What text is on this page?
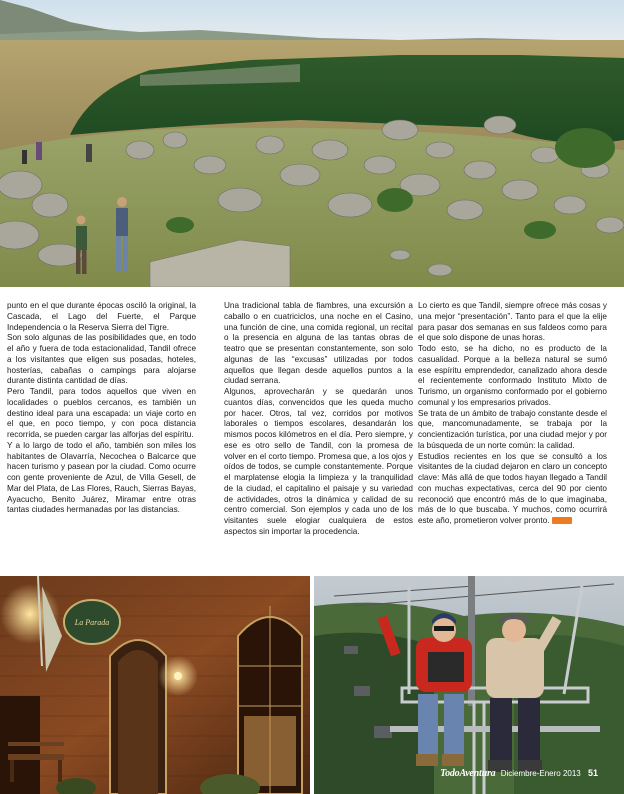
punto en el que durante épocas osciló la original, la Cascada, el Lago del Fuerte, el Parque Independencia o la Reserva Sierra del Tigre.

Son solo algunas de las posibilidades que, en todo el año y fuera de toda estacionalidad, Tandil ofrece a los visitantes que eligen sus posadas, hoteles, hosterías, cabañas o campings para alojarse durante distinta cantidad de días.

Pero Tandil, para todos aquellos que viven en localidades o pueblos cercanos, es también un destino ideal para una escapada: un viaje corto en el que, en poco tiempo, y con poca distancia recorrida, se pueden cargar las alforjas del espíritu.

Y a lo largo de todo el año, también son miles los habitantes de Olavarría, Necochea o Balcarce que hacen turismo y pasean por la ciudad. Como ocurre con gente proveniente de Azul, de Villa Gesell, de Mar del Plata, de Las Flores, Rauch, Sierras Bayas, Ayacucho, Benito Juárez, Miramar entre otras tantas ciudades hermanadas por las distancias.

Una tradicional tabla de fiambres, una excursión a caballo o en cuatriciclos, una noche en el Casino, una función de cine, una comida regional, un recital o la presencia en alguna de las tantas obras de teatro que se presentan constantemente, son solo algunas de las “excusas” utilizadas por todos aquellos que llegan desde aquellos puntos a la ciudad serrana.

Algunos, aprovecharán y se quedarán unos cuantos días, convencidos que les queda mucho por hacer. Otros, tal vez, corridos por motivos laborales o tiempos escolares, desandarán los mismos pocos kilómetros en el día. Pero siempre, y ese es otro sello de Tandil, con la promesa de volver en el corto tiempo. Promesa que, a los ojos y oídos de todos, se cumple constantemente. Porque el marplatense elogia la limpieza y la tranquilidad de la ciudad, el capitalino el paisaje y su variedad de actividades, otros la dinámica y calidad de su centro comercial. Son ejemplos y cada uno de los visitantes suele elogiar cualquiera de estos aspectos sin importar la procedencia.

Lo cierto es que Tandil, siempre ofrece más cosas y una mejor “presentación”. Tanto para el que la elije para pasar dos semanas en sus faldeos como para el que solo dispone de unas horas.

Todo esto, se ha dicho, no es producto de la casualidad. Porque a la belleza natural se sumó ese espíritu emprendedor, canalizado ahora desde el recientemente conformado Instituto Mixto de Turismo, un organismo conformado por el gobierno comunal y los empresarios privados.

Se trata de un ámbito de trabajo constante desde el que, mancomunadamente, se trabaja por la concientización turística, por una ciudad mejor y por la búsqueda de un norte común: la calidad.

Estudios recientes en los que se consultó a los visitantes de la ciudad dejaron en claro un concepto clave: Más allá de que todos hayan llegado a Tandil con muchas expectativas, cerca del 90 por ciento reconoció que encontró más de lo que imaginaba, más de lo que buscaba. Y muchos, como ocurrirá este año, prometieron volver pronto.

La Parada
TodoAventura Diciembre-Enero 2013 51
